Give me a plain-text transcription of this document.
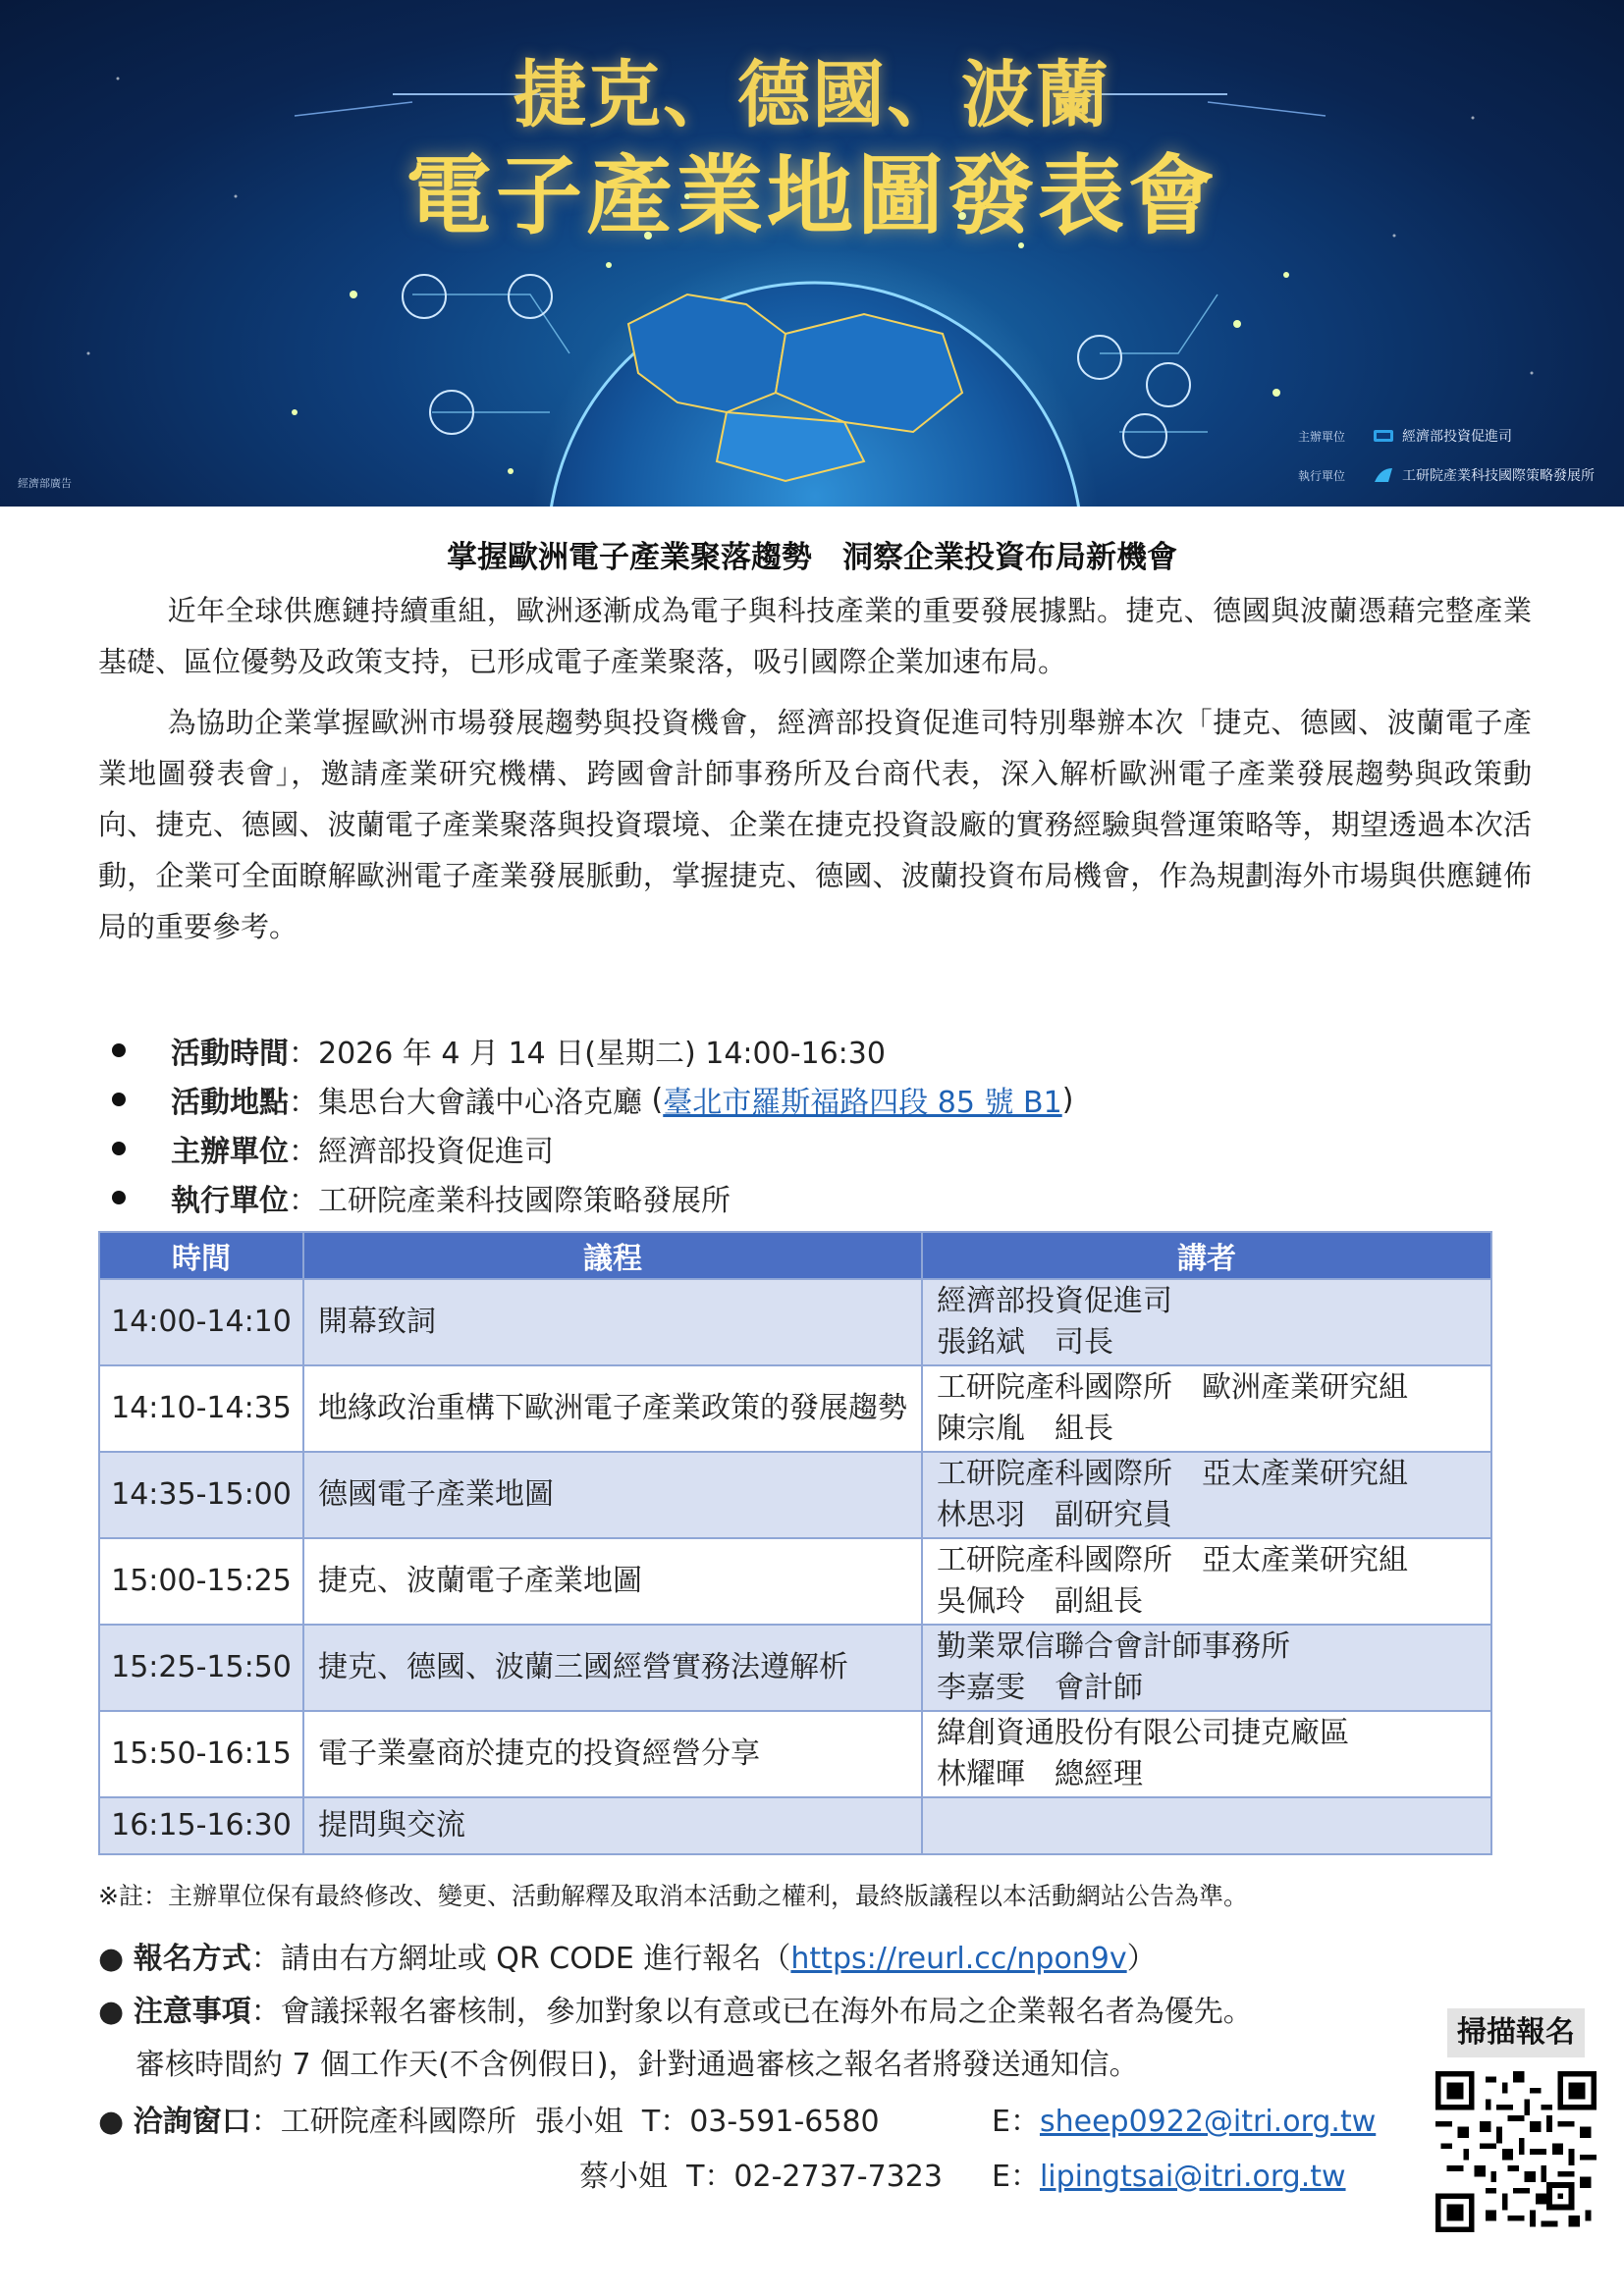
捷克、德國、波蘭
電子產業地圖發表會
經濟部廣告
主辦單位	經濟部投資促進司
執行單位	工研院產業科技國際策略發展所
掌握歐洲電子產業聚落趨勢　洞察企業投資布局新機會
近年全球供應鏈持續重組，歐洲逐漸成為電子與科技產業的重要發展據點。捷克、德國與波蘭憑藉完整產業基礎、區位優勢及政策支持，已形成電子產業聚落，吸引國際企業加速布局。
為協助企業掌握歐洲市場發展趨勢與投資機會，經濟部投資促進司特別舉辦本次「捷克、德國、波蘭電子產業地圖發表會」，邀請產業研究機構、跨國會計師事務所及台商代表，深入解析歐洲電子產業發展趨勢與政策動向、捷克、德國、波蘭電子產業聚落與投資環境、企業在捷克投資設廠的實務經驗與營運策略等，期望透過本次活動，企業可全面瞭解歐洲電子產業發展脈動，掌握捷克、德國、波蘭投資布局機會，作為規劃海外市場與供應鏈佈局的重要參考。
活動時間 ： 2026 年 4 月 14 日(星期二) 14:00-16:30
活動地點 ： 集思台大會議中心洛克廳 ( 臺北市羅斯福路四段 85 號 B1 )
主辦單位 ： 經濟部投資促進司
執行單位 ： 工研院產業科技國際策略發展所
時間	議程	講者
14:00-14:10	開幕致詞	經濟部投資促進司
張銘斌　司長

14:10-14:35	地緣政治重構下歐洲電子產業政策的發展趨勢	工研院產科國際所　歐洲產業研究組
陳宗胤　組長

14:35-15:00	德國電子產業地圖	工研院產科國際所　亞太產業研究組
林思羽　副研究員

15:00-15:25	捷克、波蘭電子產業地圖	工研院產科國際所　亞太產業研究組
吳佩玲　副組長

15:25-15:50	捷克、德國、波蘭三國經營實務法遵解析	勤業眾信聯合會計師事務所
李嘉雯　會計師

15:50-16:15	電子業臺商於捷克的投資經營分享	緯創資通股份有限公司捷克廠區
林耀暉　總經理

16:15-16:30	提問與交流	
※註：主辦單位保有最終修改、變更、活動解釋及取消本活動之權利，最終版議程以本活動網站公告為準。
● 報名方式：請由右方網址或 QR CODE 進行報名（https://reurl.cc/npon9v）
● 注意事項：會議採報名審核制，參加對象以有意或已在海外布局之企業報名者為優先。
審核時間約 7 個工作天(不含例假日)，針對通過審核之報名者將發送通知信。
● 洽詢窗口：工研院產科國際所 張小姐 T：03-591-6580	E：sheep0922@itri.org.tw
蔡小姐 T：02-2737-7323 E：lipingtsai@itri.org.tw
掃描報名
